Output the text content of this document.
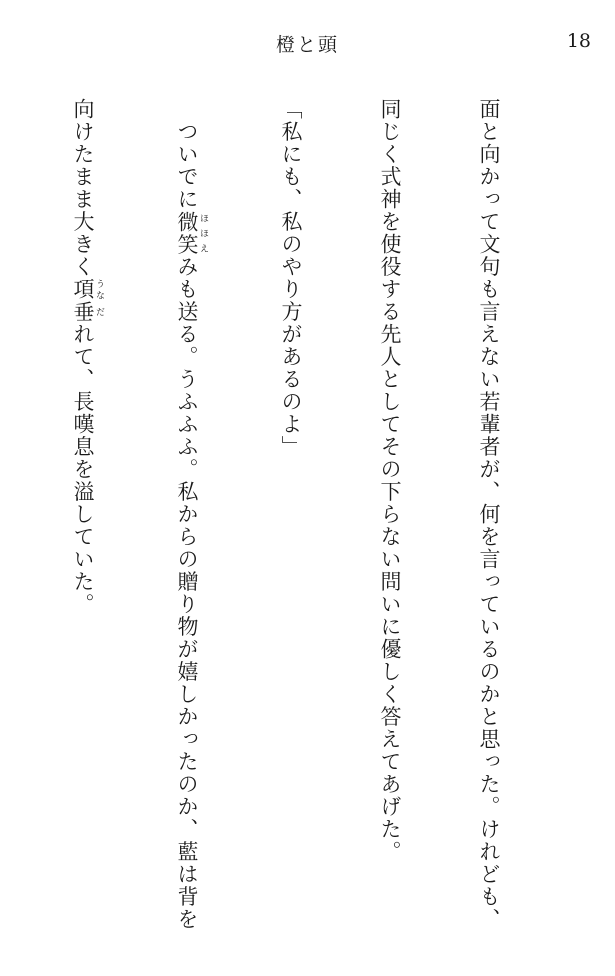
橙と頭	18

面と向かって文句も言えない若輩者が、何を言っているのかと思った。けれども、

同じく式神を使役する先人としてその下らない問いに優しく答えてあげた。

「私にも、私のやり方があるのよ」

　ついでに微笑 ほほえみも送る。うふふふ。私からの贈り物が嬉しかったのか、藍は背を

向けたまま大きく項 うな垂 だれて、長嘆息を溢していた。
